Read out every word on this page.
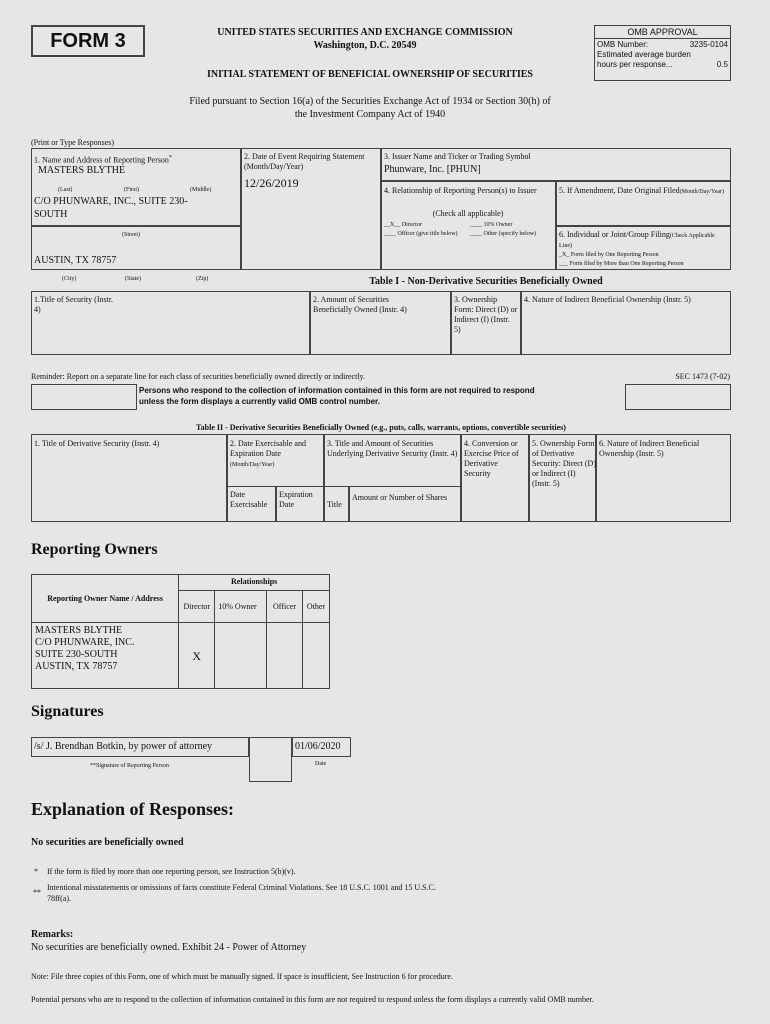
FORM 3	UNITED STATES SECURITIES AND EXCHANGE COMMISSION
Washington, D.C. 20549
INITIAL STATEMENT OF BENEFICIAL OWNERSHIP OF SECURITIES
OMB APPROVAL
OMB Number:	3235-0104
Estimated average burden
hours per response...	0.5
Filed pursuant to Section 16(a) of the Securities Exchange Act of 1934 or Section 30(h) of
the Investment Company Act of 1940
(Print or Type Responses)
1. Name and Address of Reporting Person*
MASTERS BLYTHE
(Last)	(First)	(Middle)
C/O PHUNWARE, INC., SUITE 230-
SOUTH
(Street)
AUSTIN, TX 78757
(City)	(State)	(Zip)
2. Date of Event Requiring Statement (Month/Day/Year)
12/26/2019
3. Issuer Name and Ticker or Trading Symbol
Phunware, Inc. [PHUN]
4. Relationship of Reporting Person(s) to Issuer
(Check all applicable)
__X__ Director	____ 10% Owner
____ Officer (give title below)	____ Other (specify below)
5. If Amendment, Date Original Filed(Month/Day/Year)
6. Individual or Joint/Group Filing(Check Applicable Line)
_X_ Form filed by One Reporting Person
___ Form filed by More than One Reporting Person
Table I - Non-Derivative Securities Beneficially Owned
1.Title of Security (Instr. 4)
2. Amount of Securities Beneficially Owned (Instr. 4)
3. Ownership Form: Direct (D) or Indirect (I) (Instr. 5)
4. Nature of Indirect Beneficial Ownership (Instr. 5)
Reminder: Report on a separate line for each class of securities beneficially owned directly or indirectly.	SEC 1473 (7-02)
Persons who respond to the collection of information contained in this form are not required to respond
unless the form displays a currently valid OMB control number.
Table II - Derivative Securities Beneficially Owned (e.g., puts, calls, warrants, options, convertible securities)
1. Title of Derivative Security (Instr. 4)	2. Date Exercisable and Expiration Date
(Month/Day/Year)
Date Exercisable
Expiration Date
3. Title and Amount of Securities Underlying Derivative Security (Instr. 4)
Title
Amount or Number of Shares
4. Conversion or Exercise Price of Derivative Security
5. Ownership Form of Derivative Security: Direct (D) or Indirect (I) (Instr. 5)
6. Nature of Indirect Beneficial Ownership (Instr. 5)
Reporting Owners
Reporting Owner Name / Address	Relationships			
	Director	10% Owner	Officer	Other

MASTERS BLYTHE
C/O PHUNWARE, INC.
SUITE 230-SOUTH
AUSTIN, TX 78757	X			
Signatures
/s/ J. Brendhan Botkin, by power of attorney	01/06/2020
**Signature of Reporting Person	Date
Explanation of Responses:
No securities are beneficially owned
* If the form is filed by more than one reporting person, see Instruction 5(b)(v).
**
Intentional misstatements or omissions of facts constitute Federal Criminal Violations. See 18 U.S.C. 1001 and 15 U.S.C.
78ff(a).
Remarks:
No securities are beneficially owned. Exhibit 24 - Power of Attorney
Note: File three copies of this Form, one of which must be manually signed. If space is insufficient, See Instruction 6 for procedure.
Potential persons who are to respond to the collection of information contained in this form are not required to respond unless the form displays a currently valid OMB number.
